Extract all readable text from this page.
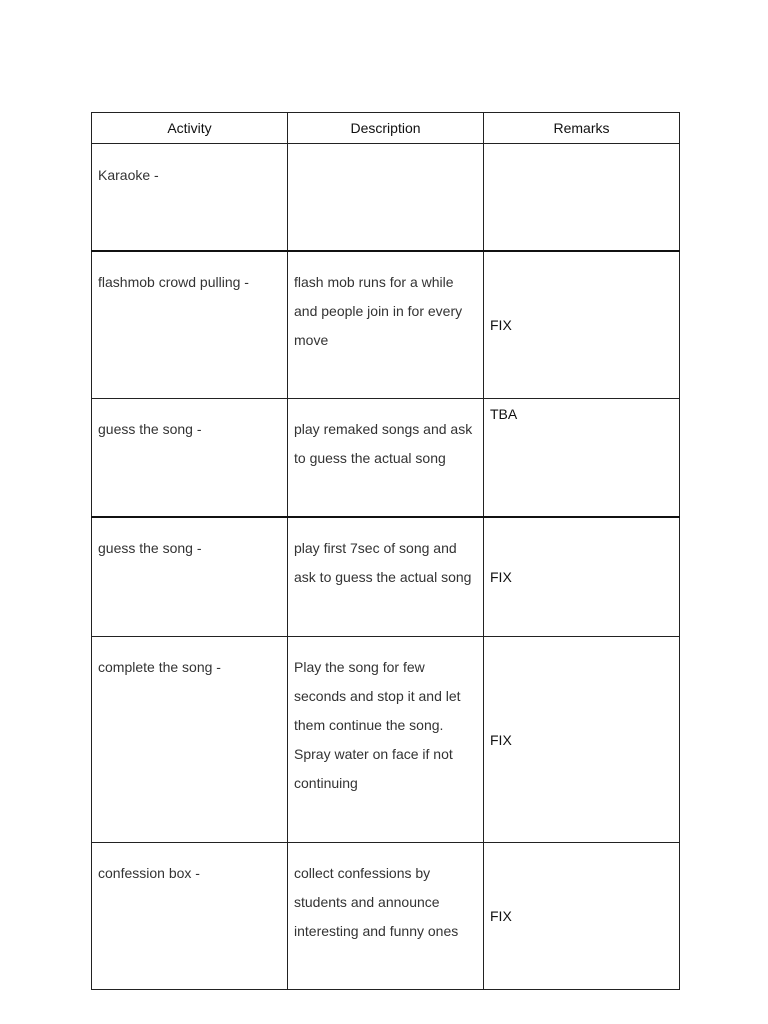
Activity	Description	Remarks
Karaoke -		
flashmob crowd pulling -	flash mob runs for a while and people join in for every move	FIX
guess the song -	play remaked songs and ask to guess the actual song	TBA
guess the song -	play first 7sec of song and ask to guess the actual song	FIX
complete the song -	Play the song for few seconds and stop it and let them continue the song. Spray water on face if not continuing	FIX
confession box -	collect confessions by students and announce interesting and funny ones	FIX
